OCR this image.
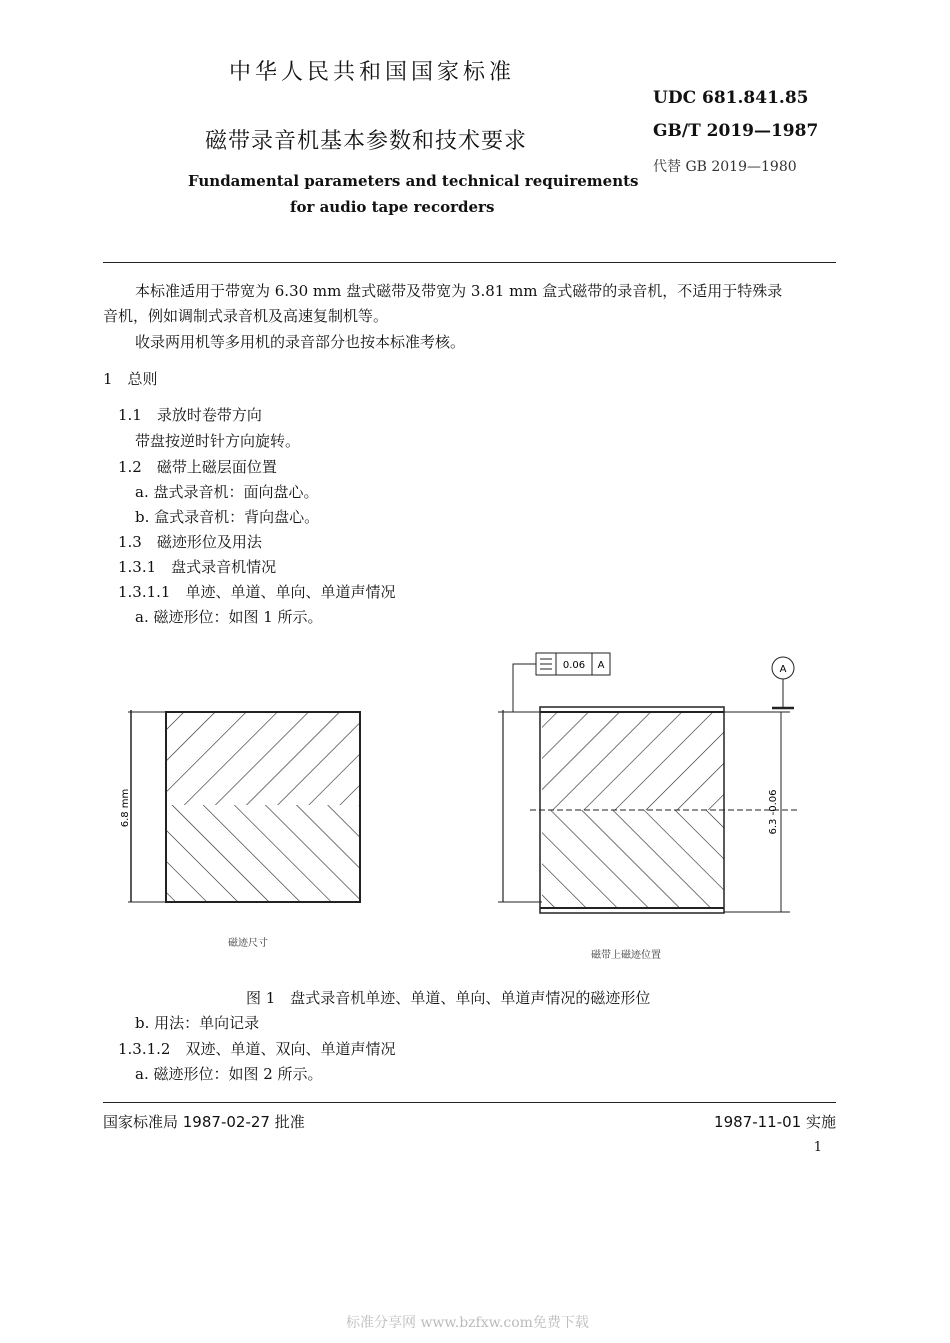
中华人民共和国国家标准
UDC 681.841.85
磁带录音机基本参数和技术要求	GB/T 2019—1987
代替 GB 2019—1980
Fundamental parameters and technical requirements
for audio tape recorders
本标准适用于带宽为 6.30 mm 盘式磁带及带宽为 3.81 mm 盒式磁带的录音机，不适用于特殊录
音机，例如调制式录音机及高速复制机等。
收录两用机等多用机的录音部分也按本标准考核。
1　总则
1.1　录放时卷带方向
带盘按逆时针方向旋转。
1.2　磁带上磁层面位置
a. 盘式录音机：面向盘心。
b. 盒式录音机：背向盘心。
1.3　磁迹形位及用法
1.3.1　盘式录音机情况
1.3.1.1　单迹、单道、单向、单道声情况
a. 磁迹形位：如图 1 所示。
6.8 mm
磁迹尺寸
0.06 A	A
6.3 -0.06
磁带上磁迹位置
图 1　盘式录音机单迹、单道、单向、单道声情况的磁迹形位
b. 用法：单向记录
1.3.1.2　双迹、单道、双向、单道声情况
a. 磁迹形位：如图 2 所示。
国家标准局 1987-02-27 批准	1987-11-01 实施
1
标准分享网 www.bzfxw.com免费下载
